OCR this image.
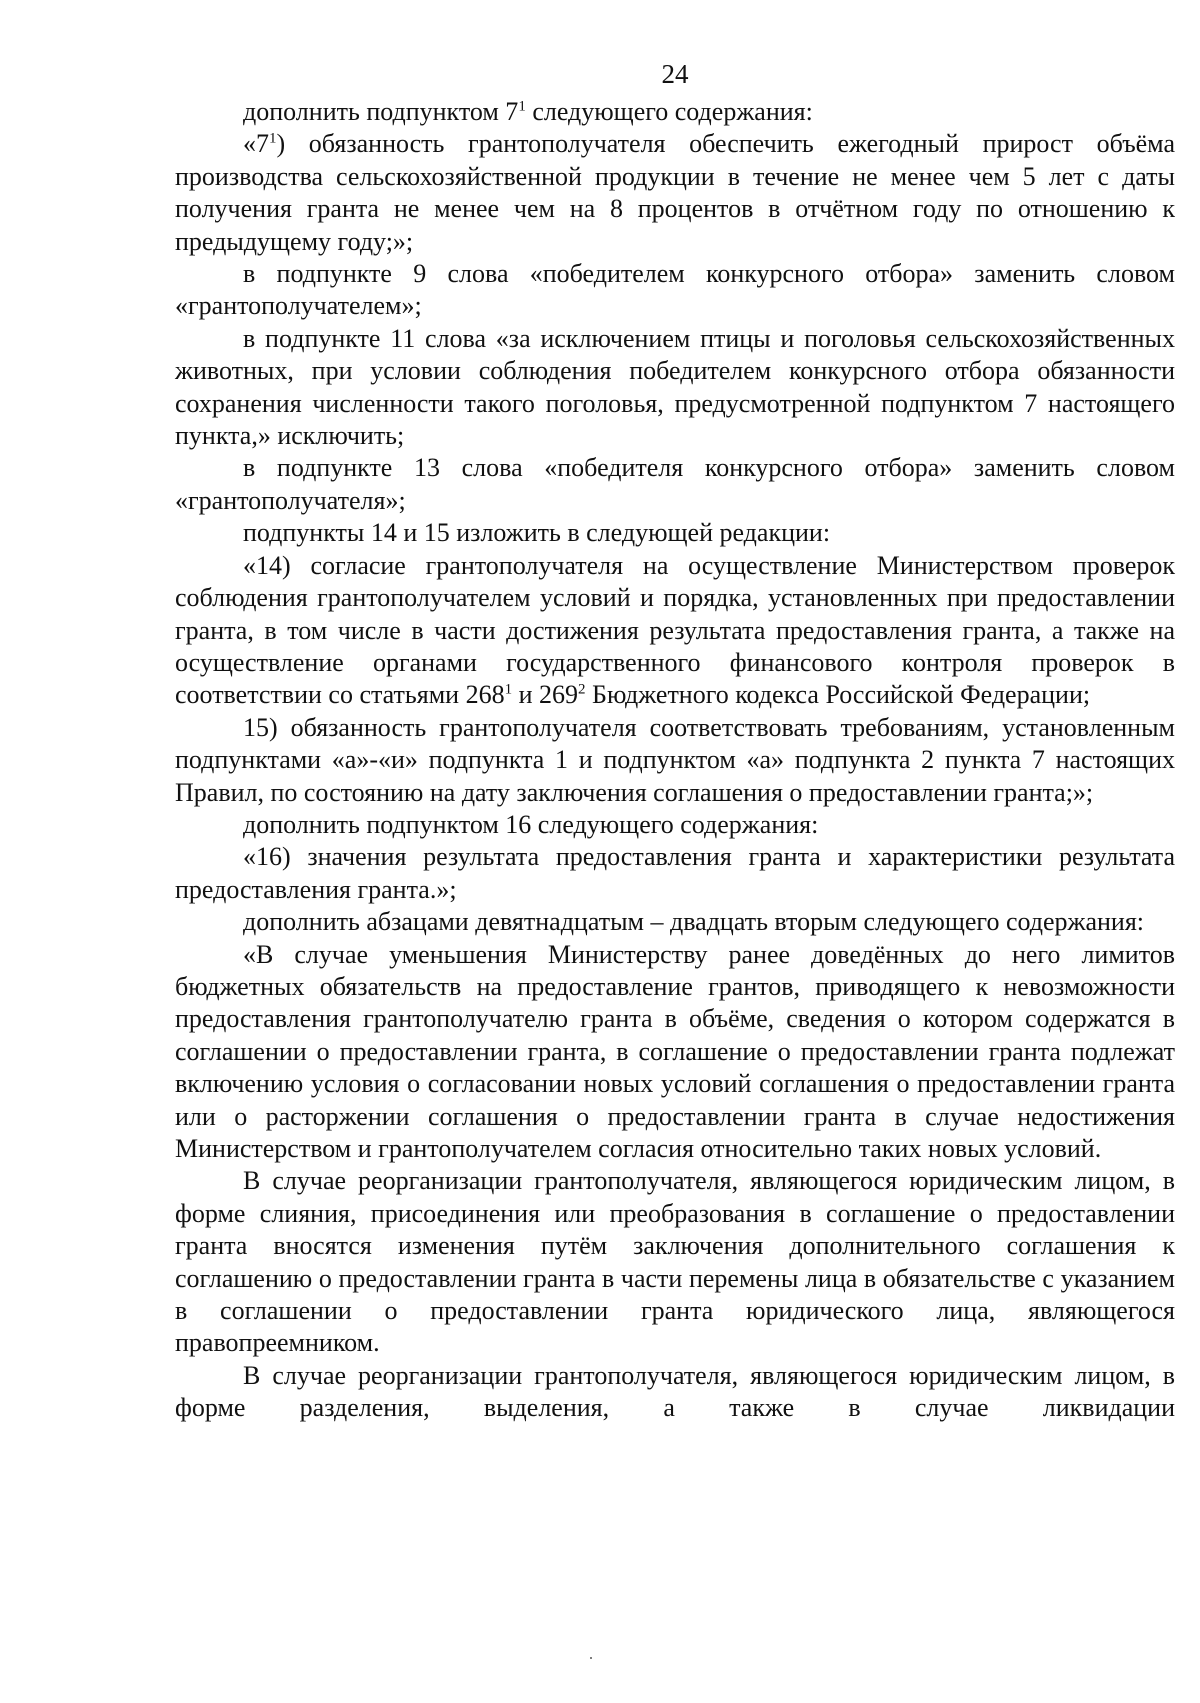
24

дополнить подпунктом $7^1$ следующего содержания:

«$7^1$) обязанность грантополучателя обеспечить ежегодный прирост объёма производства сельскохозяйственной продукции в течение не менее чем 5 лет с даты получения гранта не менее чем на 8 процентов в отчётном году по отношению к предыдущему году;»;

в подпункте 9 слова «победителем конкурсного отбора» заменить словом «грантополучателем»;

в подпункте 11 слова «за исключением птицы и поголовья сельскохозяйственных животных, при условии соблюдения победителем конкурсного отбора обязанности сохранения численности такого поголовья, предусмотренной подпунктом 7 настоящего пункта,» исключить;

в подпункте 13 слова «победителя конкурсного отбора» заменить словом «грантополучателя»;

подпункты 14 и 15 изложить в следующей редакции:

«14) согласие грантополучателя на осуществление Министерством проверок соблюдения грантополучателем условий и порядка, установленных при предоставлении гранта, в том числе в части достижения результата предоставления гранта, а также на осуществление органами государственного финансового контроля проверок в соответствии со статьями $268^1$ и $269^2$ Бюджетного кодекса Российской Федерации;

15) обязанность грантополучателя соответствовать требованиям, установленным подпунктами «а»-«и» подпункта 1 и подпунктом «а» подпункта 2 пункта 7 настоящих Правил, по состоянию на дату заключения соглашения о предоставлении гранта;»;

дополнить подпунктом 16 следующего содержания:

«16) значения результата предоставления гранта и характеристики результата предоставления гранта.»;

дополнить абзацами девятнадцатым – двадцать вторым следующего содержания:

«В случае уменьшения Министерству ранее доведённых до него лимитов бюджетных обязательств на предоставление грантов, приводящего к невозможности предоставления грантополучателю гранта в объёме, сведения о котором содержатся в соглашении о предоставлении гранта, в соглашение о предоставлении гранта подлежат включению условия о согласовании новых условий соглашения о предоставлении гранта или о расторжении соглашения о предоставлении гранта в случае недостижения Министерством и грантополучателем согласия относительно таких новых условий.

В случае реорганизации грантополучателя, являющегося юридическим лицом, в форме слияния, присоединения или преобразования в соглашение о предоставлении гранта вносятся изменения путём заключения дополнительного соглашения к соглашению о предоставлении гранта в части перемены лица в обязательстве с указанием в соглашении о предоставлении гранта юридического лица, являющегося правопреемником.

В случае реорганизации грантополучателя, являющегося юридическим лицом, в форме разделения, выделения, а также в случае ликвидации
